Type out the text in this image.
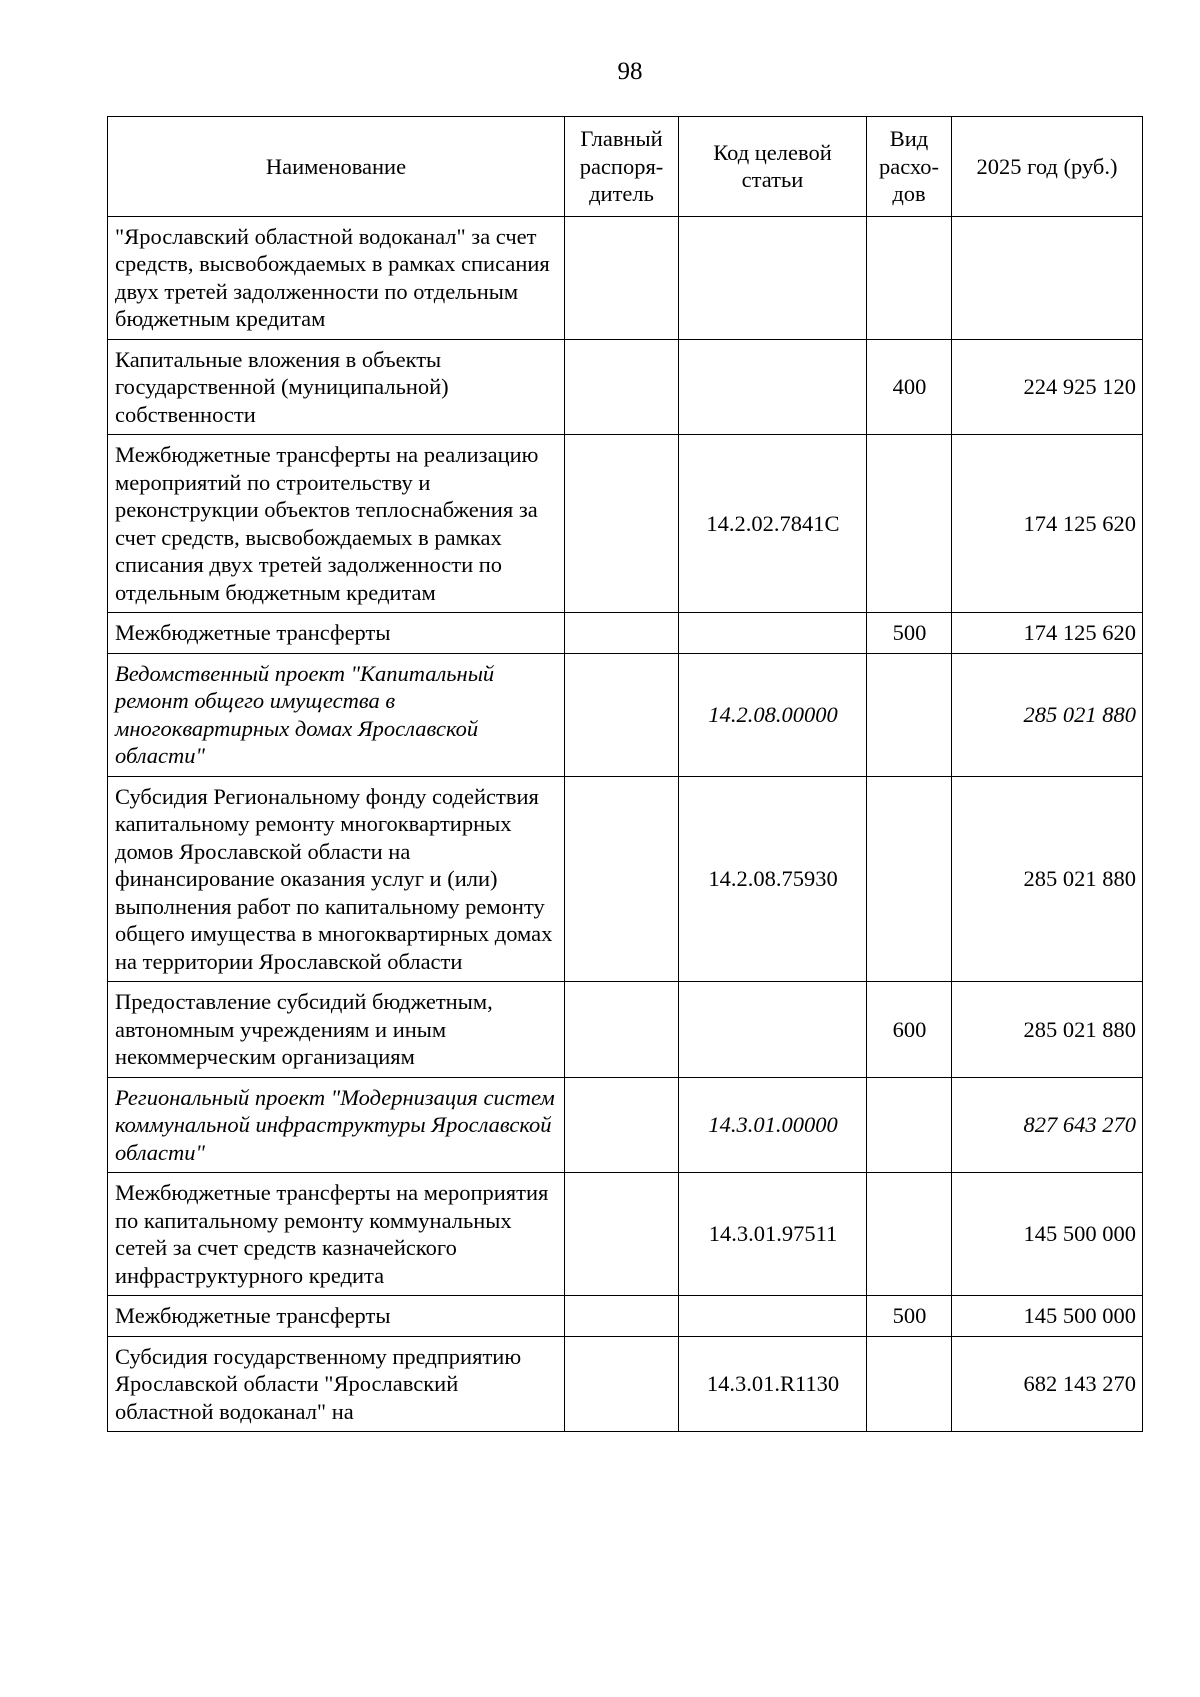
98
Наименование	Главный распоря-дитель	Код целевой статьи	Вид расхо-дов	2025 год (руб.)
"Ярославский областной водоканал" за счет средств, высвобождаемых в рамках списания двух третей задолженности по отдельным бюджетным кредитам				
Капитальные вложения в объекты государственной (муниципальной) собственности			400	224 925 120
Межбюджетные трансферты на реализацию мероприятий по строительству и реконструкции объектов теплоснабжения за счет средств, высвобождаемых в рамках списания двух третей задолженности по отдельным бюджетным кредитам		14.2.02.7841С		174 125 620
Межбюджетные трансферты			500	174 125 620
Ведомственный проект "Капитальный ремонт общего имущества в многоквартирных домах Ярославской области"		14.2.08.00000		285 021 880
Субсидия Региональному фонду содействия капитальному ремонту многоквартирных домов Ярославской области на финансирование оказания услуг и (или) выполнения работ по капитальному ремонту общего имущества в многоквартирных домах на территории Ярославской области		14.2.08.75930		285 021 880
Предоставление субсидий бюджетным, автономным учреждениям и иным некоммерческим организациям			600	285 021 880
Региональный проект "Модернизация систем коммунальной инфраструктуры Ярославской области"		14.3.01.00000		827 643 270
Межбюджетные трансферты на мероприятия по капитальному ремонту коммунальных сетей за счет средств казначейского инфраструктурного кредита		14.3.01.97511		145 500 000
Межбюджетные трансферты			500	145 500 000
Субсидия государственному предприятию Ярославской области "Ярославский областной водоканал" на		14.3.01.R1130		682 143 270
